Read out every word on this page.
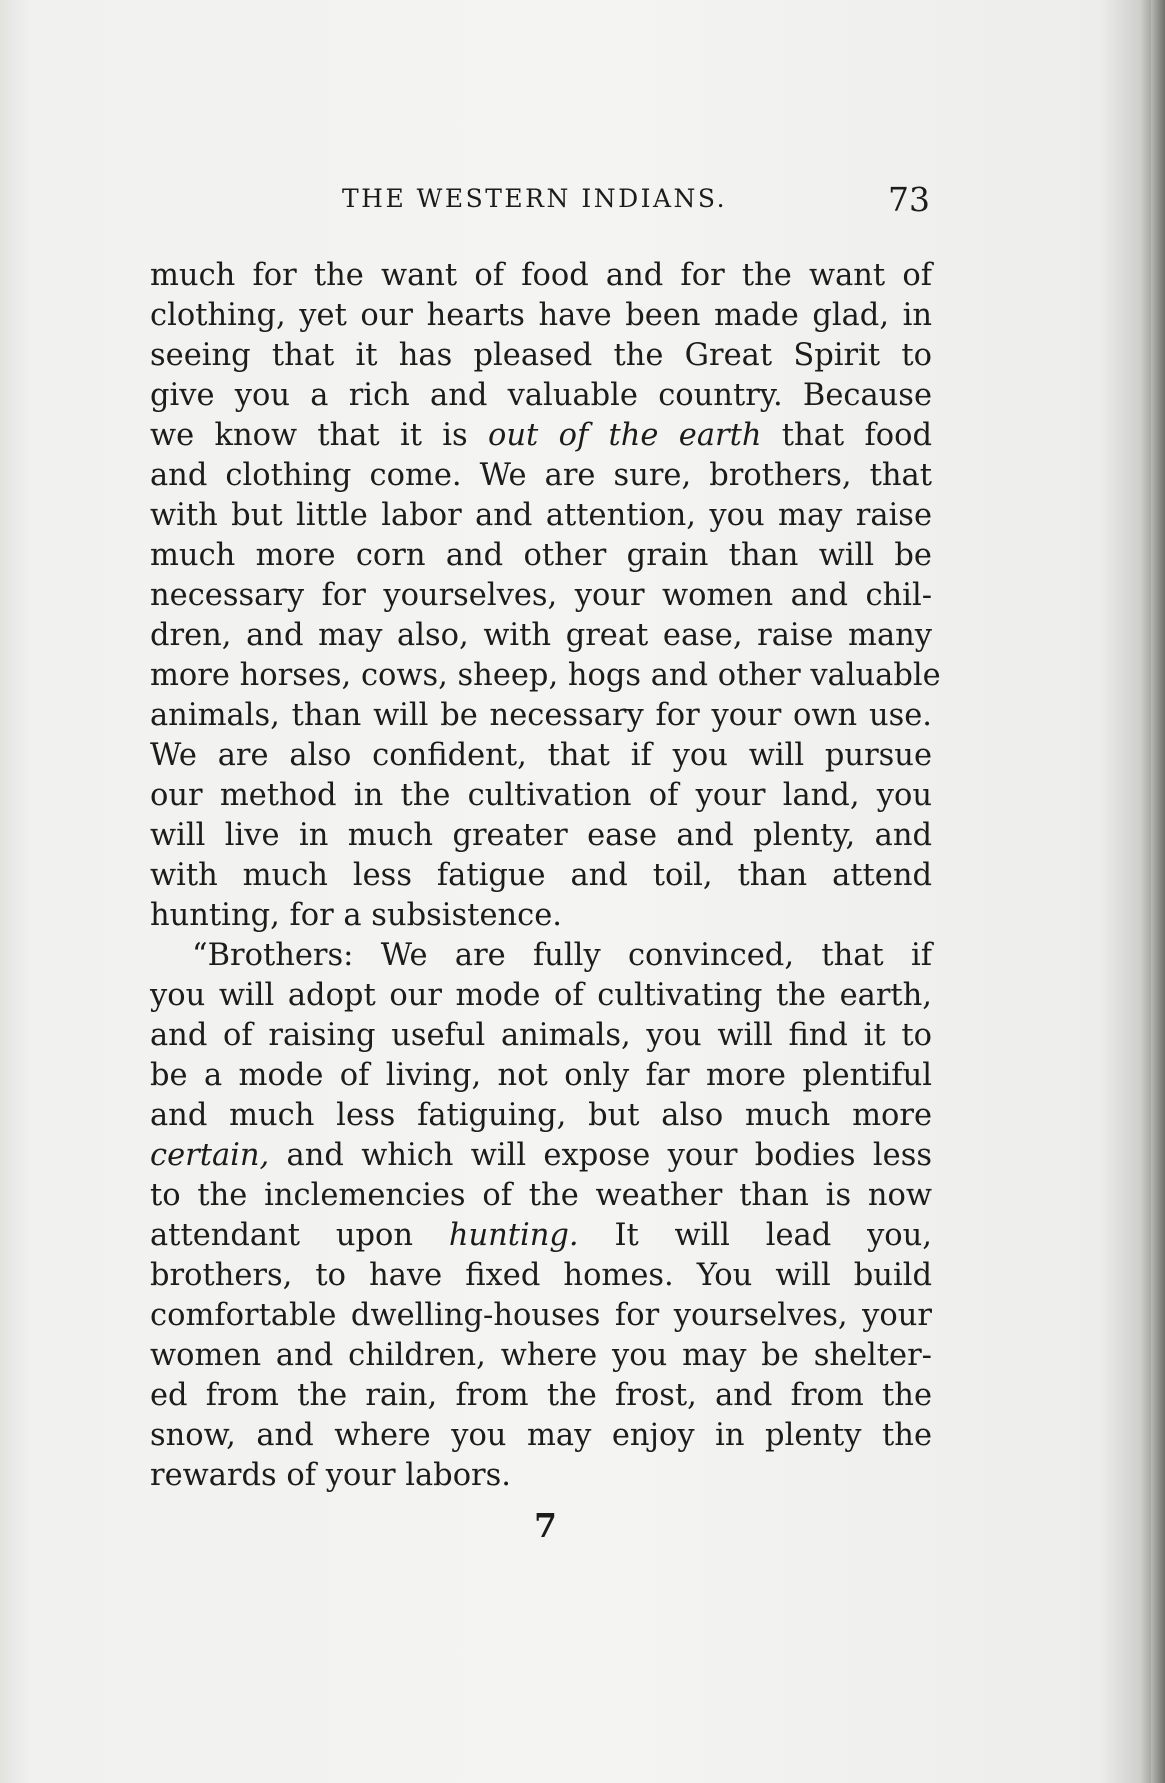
THE WESTERN INDIANS.	73
much for the want of food and for the want of
clothing, yet our hearts have been made glad, in
seeing that it has pleased the Great Spirit to
give you a rich and valuable country. Because
we know that it is out of the earth that food
and clothing come. We are sure, brothers, that
with but little labor and attention, you may raise
much more corn and other grain than will be
necessary for yourselves, your women and chil-
dren, and may also, with great ease, raise many
more horses, cows, sheep, hogs and other valuable
animals, than will be necessary for your own use.
We are also confident, that if you will pursue
our method in the cultivation of your land, you
will live in much greater ease and plenty, and
with much less fatigue and toil, than attend
hunting, for a subsistence.
“Brothers: We are fully convinced, that if
you will adopt our mode of cultivating the earth,
and of raising useful animals, you will find it to
be a mode of living, not only far more plentiful
and much less fatiguing, but also much more
certain, and which will expose your bodies less
to the inclemencies of the weather than is now
attendant upon hunting. It will lead you,
brothers, to have fixed homes. You will build
comfortable dwelling-houses for yourselves, your
women and children, where you may be shelter-
ed from the rain, from the frost, and from the
snow, and where you may enjoy in plenty the
rewards of your labors.
7
